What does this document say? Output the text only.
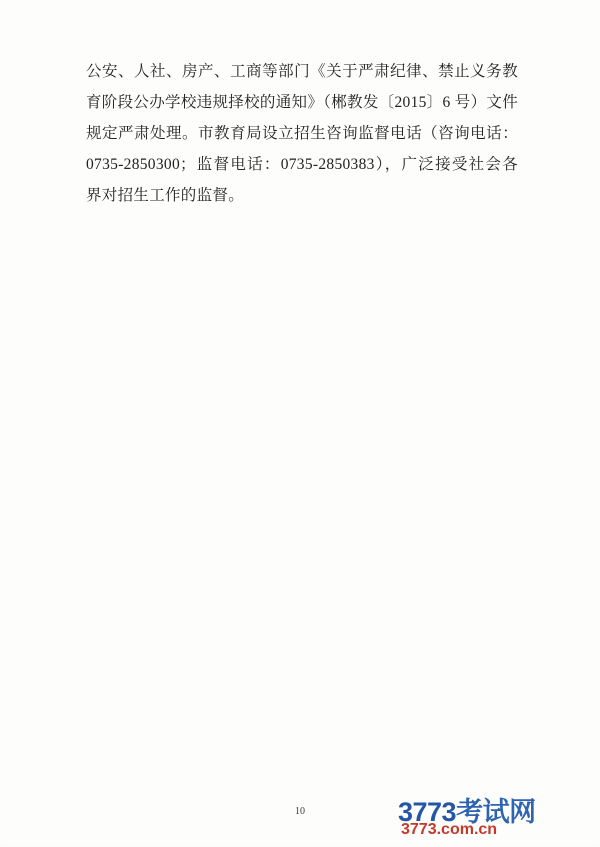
公安、人社、房产、工商等部门《关于严肃纪律、禁止义务教育阶段公办学校违规择校的通知》（郴教发〔2015〕6 号）文件规定严肃处理。市教育局设立招生咨询监督电话（咨询电话：0735-2850300；监督电话：0735-2850383），广泛接受社会各界对招生工作的监督。

10	3773考试网
3773.com.cn
